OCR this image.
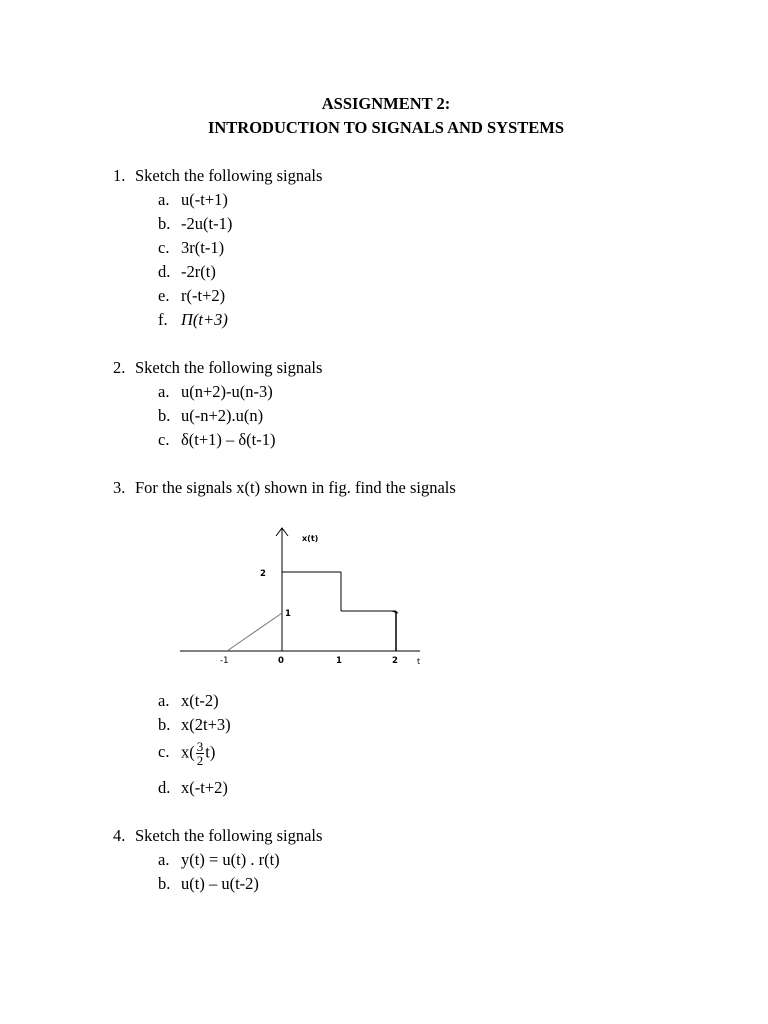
ASSIGNMENT 2:
INTRODUCTION TO SIGNALS AND SYSTEMS
1. Sketch the following signals
a. u(-t+1)
b. -2u(t-1)
c. 3r(t-1)
d. -2r(t)
e. r(-t+2)
f. Π(t+3)
2. Sketch the following signals
a. u(n+2)-u(n-3)
b. u(-n+2).u(n)
c. δ(t+1) – δ(t-1)
3. For the signals x(t) shown in fig. find the signals
x(t)
2
1
-1	0	1	2 t
a. x(t-2)
b. x(2t+3)
c. $x( \frac{3}{2} t)$
d. x(-t+2)
4. Sketch the following signals
a. y(t) = u(t) . r(t)
b. u(t) – u(t-2)
